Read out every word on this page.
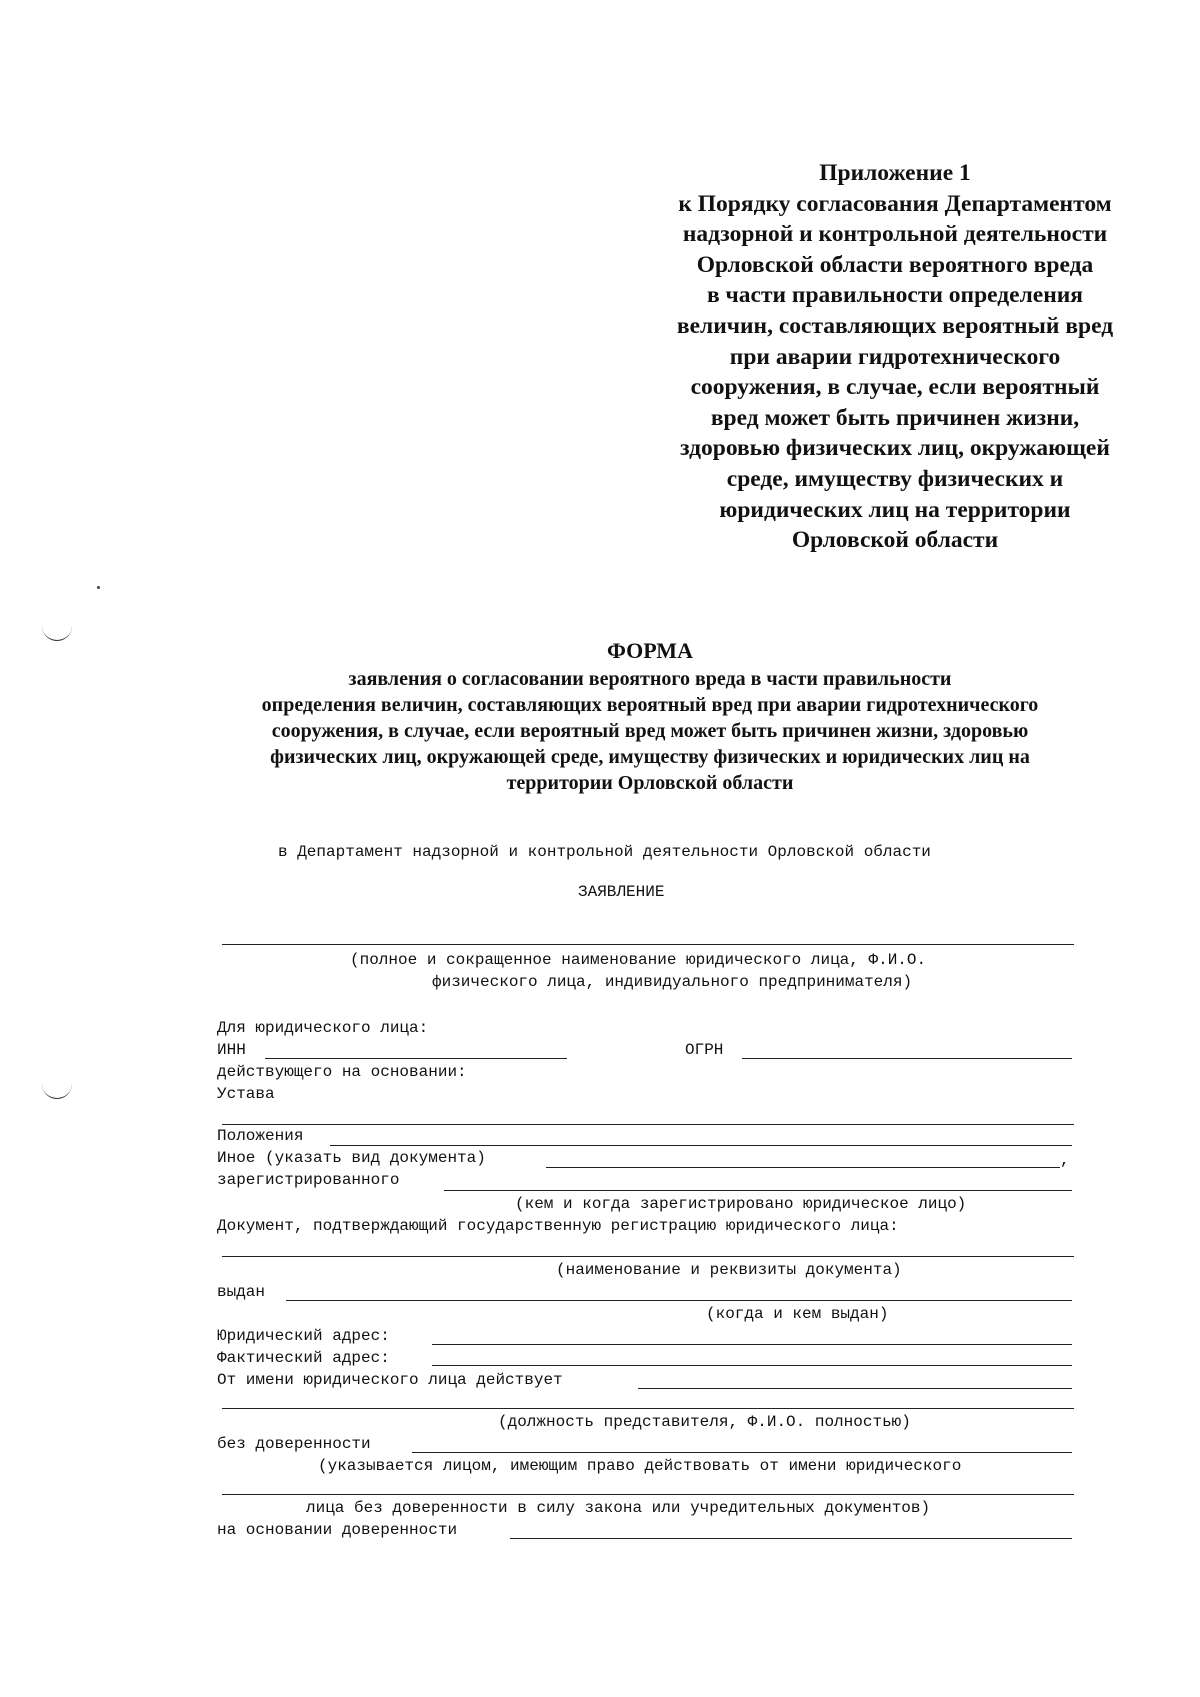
Приложение 1
к Порядку согласования Департаментом
надзорной и контрольной деятельности
Орловской области вероятного вреда
в части правильности определения
величин, составляющих вероятный вред
при аварии гидротехнического
сооружения, в случае, если вероятный
вред может быть причинен жизни,
здоровью физических лиц, окружающей
среде, имуществу физических и
юридических лиц на территории
Орловской области
ФОРМА
заявления о согласовании вероятного вреда в части правильности
определения величин, составляющих вероятный вред при аварии гидротехнического
сооружения, в случае, если вероятный вред может быть причинен жизни, здоровью
физических лиц, окружающей среде, имуществу физических и юридических лиц на
территории Орловской области
в Департамент надзорной и контрольной деятельности Орловской области
ЗАЯВЛЕНИЕ
(полное и сокращенное наименование юридического лица, Ф.И.О.
физического лица, индивидуального предпринимателя)
Для юридического лица:
ИНН	ОГРН
действующего на основании:
Устава
Положения
Иное (указать вид документа)	,
зарегистрированного
(кем и когда зарегистрировано юридическое лицо)
Документ, подтверждающий государственную регистрацию юридического лица:
(наименование и реквизиты документа)
выдан
(когда и кем выдан)
Юридический адрес:
Фактический адрес:
От имени юридического лица действует
(должность представителя, Ф.И.О. полностью)
без доверенности
(указывается лицом, имеющим право действовать от имени юридического
лица без доверенности в силу закона или учредительных документов)
на основании доверенности
